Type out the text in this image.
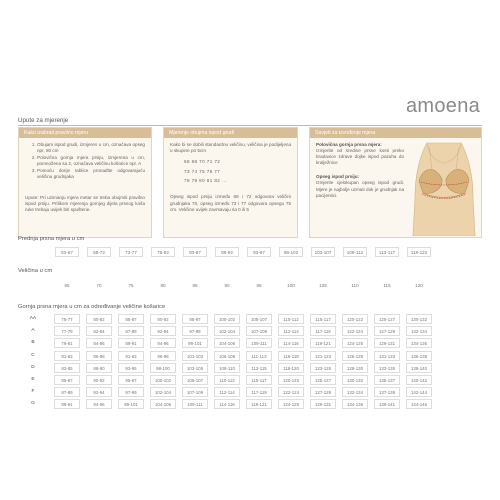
amoena
Upute za mjerenje
Kako izabrati pravilno mjeru
1. Obujam ispod grudi, izmjeren u cm, označava opseg npr. 80 cm
2. Polovična gornja mjera prsiju, izmjerena u cm, pomnožena sa 2, označava veličinu košarice npr. A
3. Pomoću donje tablice pronađite odgovarajuću veličinu grudnjaka

Upute: Pri uzimanju mjera metar se treba obujmiti pravilno ispod prsiju. Prilikom mjerenja gornjeg dijela prsnog koša ruke trebaju uvijek biti spuštene.

Mjerenje obujma ispod grudi

Kako bi se dobili standardnu veličinu, veličina je podijeljena u skupine po 5cm

68 69 70 71 72
73 74 75 76 77
78 79 80 81 82 ...

Opseg ispod prsiju između 68 i 72 odgovara veličini grudnjaka 70, opseg između 73 i 77 odgovara opsegu 75 cm. Veličine uvijek zavrsavaju sa 0 ili 5

Savjeti za izvođenje mjera
Polovična gornja prsna mjera:

Izmjerite od sredine prsne kosti preko bradavice zdrave dojke ispod pazuha do kralježnice

Opseg ispod prsiju:

Izmjerite cjelokupan opseg ispod grudi. Mjere je najbolje uzmati dok je grudnjak na pacijentici.

Prednja prsna mjera u cm
63-67	68-72	73-77	78-82	83-87	88-92	93-97	98-102	103-107	108-112	113-117	118-122
Veličina u cm
65	70	75	80	85	90	95	100	105	110	115	120
Gornja prsna mjera u cm za određivanje veličine košarice
AA	75-77	80-82	85-87	90-92	95-97	100-102	105-107	110-112	115-117	120-122	125-127	130-132
A	77-79	82-84	87-89	92-94	97-99	102-104	107-109	112-114	117-119	122-124	127-129	132-134
B	79-81	84-86	89-91	94-96	99-101	104-106	109-111	114-116	119-121	124-126	129-131	134-136
C	81-83	86-88	91-93	96-98	101-103	106-108	111-113	116-118	121-123	126-128	131-133	136-138
D	83-85	88-90	93-95	98-100	103-105	108-110	113-115	118-120	123-125	128-130	133-135	138-140
E	85-87	90-92	95-97	100-102	105-107	110-112	115-117	120-122	125-127	130-132	135-137	140-142
F	87-89	92-94	97-99	102-104	107-109	112-114	117-119	122-124	127-129	132-134	137-139	142-144
G	89-91	94-96	99-101	104-106	109-111	114-116	119-121	124-126	129-131	134-136	139-141	144-146
